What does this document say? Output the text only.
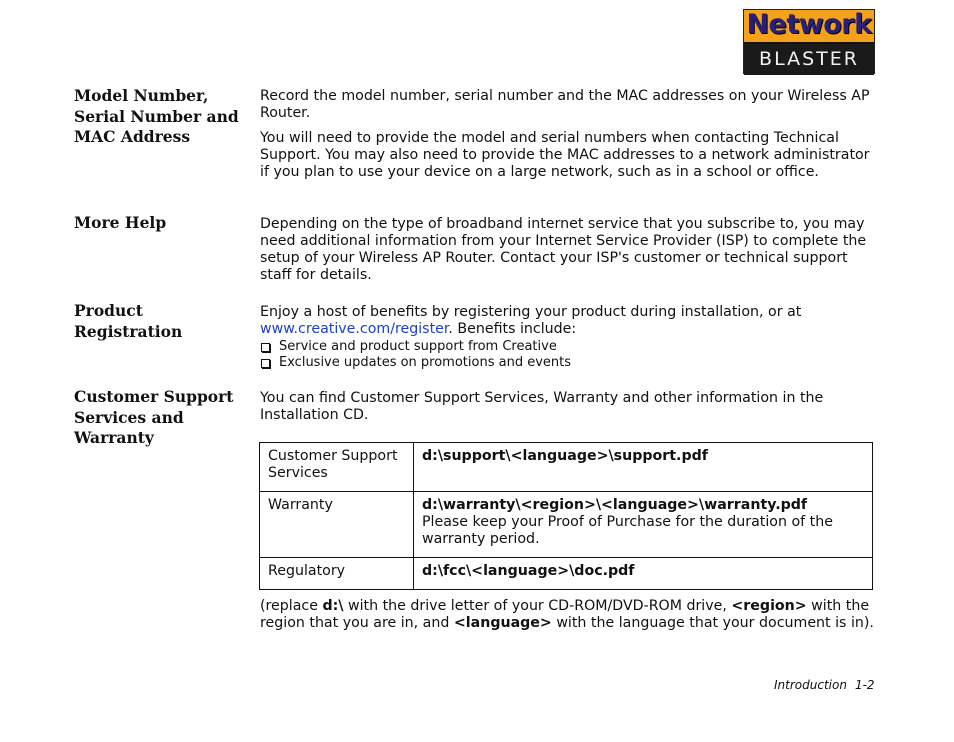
Network
BLASTER
Model Number, Serial Number and MAC Address

Record the model number, serial number and the MAC addresses on your Wireless AP Router.

You will need to provide the model and serial numbers when contacting Technical Support. You may also need to provide the MAC addresses to a network administrator if you plan to use your device on a large network, such as in a school or office.

More Help	Depending on the type of broadband internet service that you subscribe to, you may need additional information from your Internet Service Provider (ISP) to complete the setup of your Wireless AP Router. Contact your ISP's customer or technical support staff for details.

Product Registration

Enjoy a host of benefits by registering your product during installation, or at www.creative.com/register. Benefits include:

Service and product support from Creative
Exclusive updates on promotions and events
Customer Support Services and Warranty

You can find Customer Support Services, Warranty and other information in the Installation CD.

Customer Support Services	d:\support\<language>\support.pdf
Warranty	d:\warranty\<region>\<language>\warranty.pdf
Please keep your Proof of Purchase for the duration of the warranty period.
Regulatory	d:\fcc\<language>\doc.pdf

(replace d:\ with the drive letter of your CD-ROM/DVD-ROM drive, <region> with the region that you are in, and <language> with the language that your document is in).

Introduction 1-2
